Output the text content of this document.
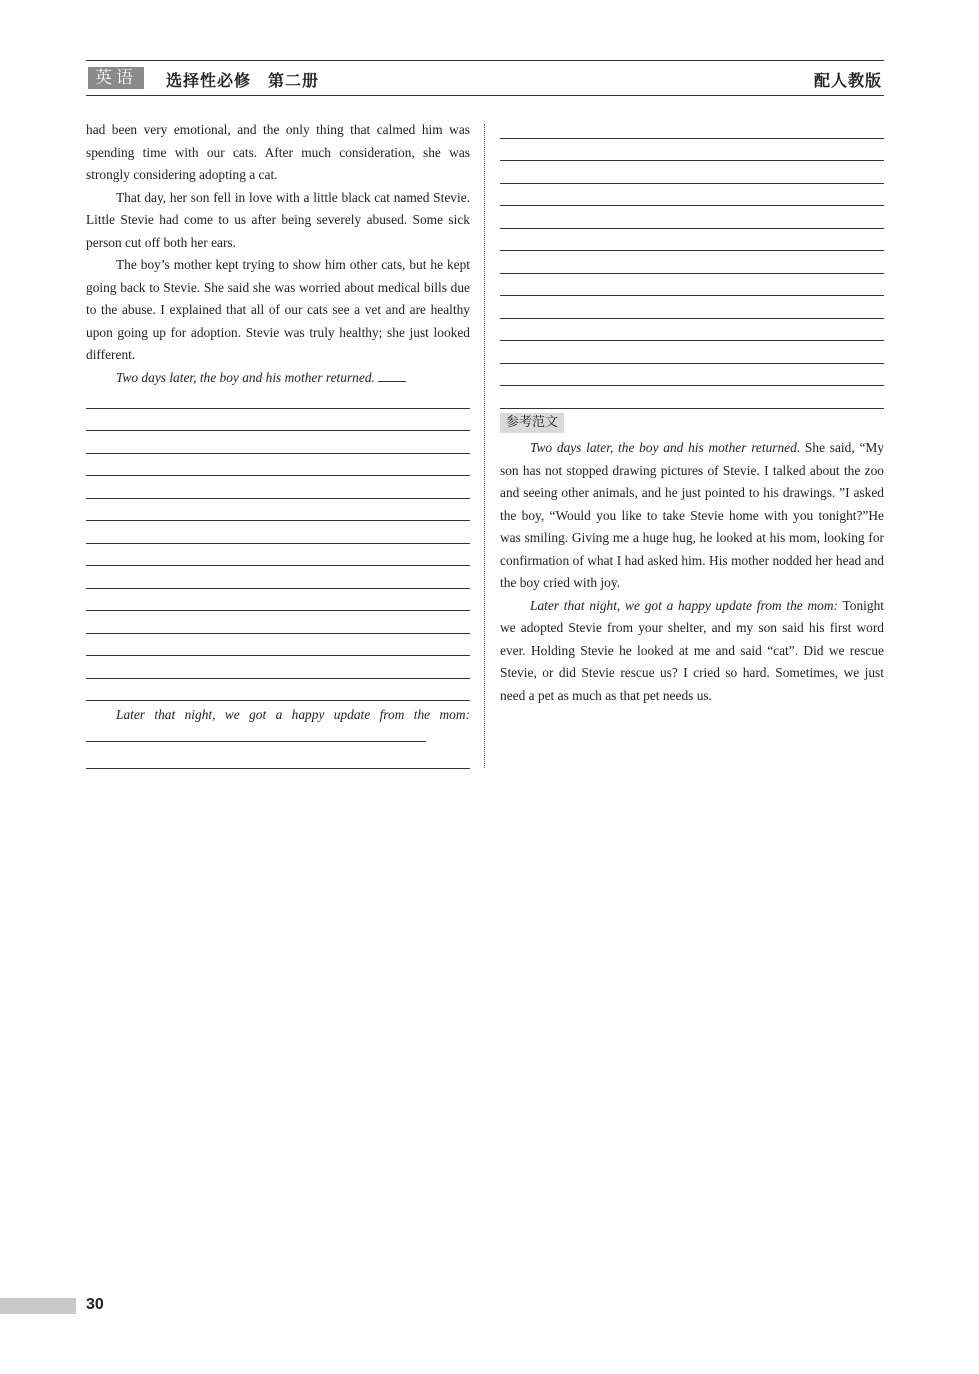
英语	选择性必修　第二册	配人教版

had been very emotional, and the only thing that calmed him was spending time with our cats. After much consideration, she was strongly considering adopting a cat.

That day, her son fell in love with a little black cat named Stevie. Little Stevie had come to us after being severely abused. Some sick person cut off both her ears.

The boy’s mother kept trying to show him other cats, but he kept going back to Stevie. She said she was worried about medical bills due to the abuse. I explained that all of our cats see a vet and are healthy upon going up for adoption. Stevie was truly healthy; she just looked different.

Two days later, the boy and his mother returned.

Later that night, we got a happy update from the mom:

参考范文

Two days later, the boy and his mother returned. She said, “My son has not stopped drawing pictures of Stevie. I talked about the zoo and seeing other animals, and he just pointed to his drawings. ”I asked the boy, “Would you like to take Stevie home with you tonight?”He was smiling. Giving me a huge hug, he looked at his mom, looking for confirmation of what I had asked him. His mother nodded her head and the boy cried with joy.

Later that night, we got a happy update from the mom: Tonight we adopted Stevie from your shelter, and my son said his first word ever. Holding Stevie he looked at me and said “cat”. Did we rescue Stevie, or did Stevie rescue us? I cried so hard. Sometimes, we just need a pet as much as that pet needs us.

30
